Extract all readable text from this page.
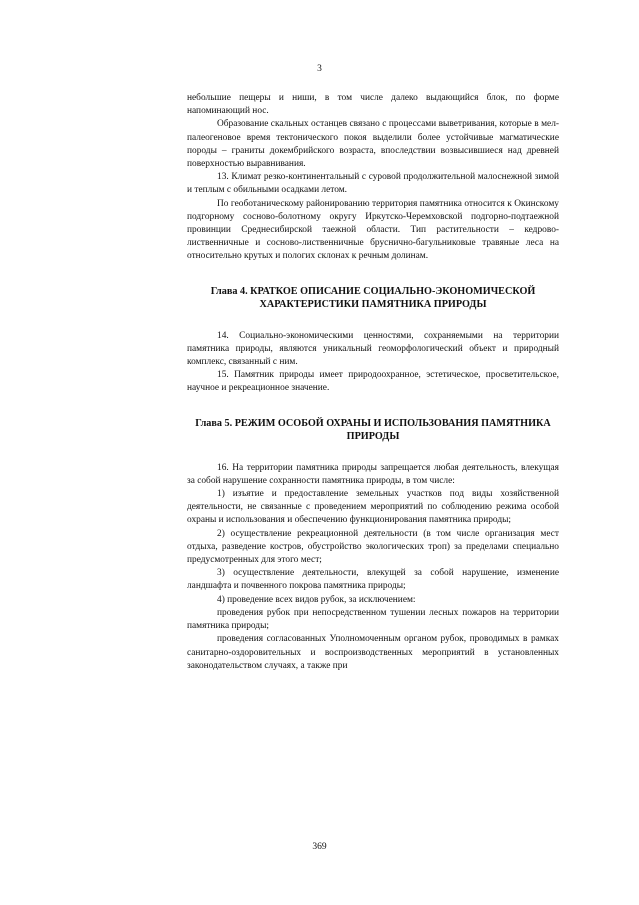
3

небольшие пещеры и ниши, в том числе далеко выдающийся блок, по форме напоминающий нос.

Образование скальных останцев связано с процессами выветривания, которые в мел-палеогеновое время тектонического покоя выделили более устойчивые магматические породы – граниты докембрийского возраста, впоследствии возвысившиеся над древней поверхностью выравнивания.

13. Климат резко-континентальный с суровой продолжительной малоснежной зимой и теплым с обильными осадками летом.

По геоботаническому районированию территория памятника относится к Окинскому подгорному сосново-болотному округу Иркутско-Черемховской подгорно-подтаежной провинции Среднесибирской таежной области. Тип растительности – кедрово-лиственничные и сосново-лиственничные бруснично-багульниковые травяные леса на относительно крутых и пологих склонах к речным долинам.

Глава 4. КРАТКОЕ ОПИСАНИЕ СОЦИАЛЬНО-ЭКОНОМИЧЕСКОЙ ХАРАКТЕРИСТИКИ ПАМЯТНИКА ПРИРОДЫ

14. Социально-экономическими ценностями, сохраняемыми на территории памятника природы, являются уникальный геоморфологический объект и природный комплекс, связанный с ним.

15. Памятник природы имеет природоохранное, эстетическое, просветительское, научное и рекреационное значение.

Глава 5. РЕЖИМ ОСОБОЙ ОХРАНЫ И ИСПОЛЬЗОВАНИЯ ПАМЯТНИКА ПРИРОДЫ

16. На территории памятника природы запрещается любая деятельность, влекущая за собой нарушение сохранности памятника природы, в том числе:

1) изъятие и предоставление земельных участков под виды хозяйственной деятельности, не связанные с проведением мероприятий по соблюдению режима особой охраны и использования и обеспечению функционирования памятника природы;

2) осуществление рекреационной деятельности (в том числе организация мест отдыха, разведение костров, обустройство экологических троп) за пределами специально предусмотренных для этого мест;

3) осуществление деятельности, влекущей за собой нарушение, изменение ландшафта и почвенного покрова памятника природы;

4) проведение всех видов рубок, за исключением:

проведения рубок при непосредственном тушении лесных пожаров на территории памятника природы;

проведения согласованных Уполномоченным органом рубок, проводимых в рамках санитарно-оздоровительных и воспроизводственных мероприятий в установленных законодательством случаях, а также при

369
